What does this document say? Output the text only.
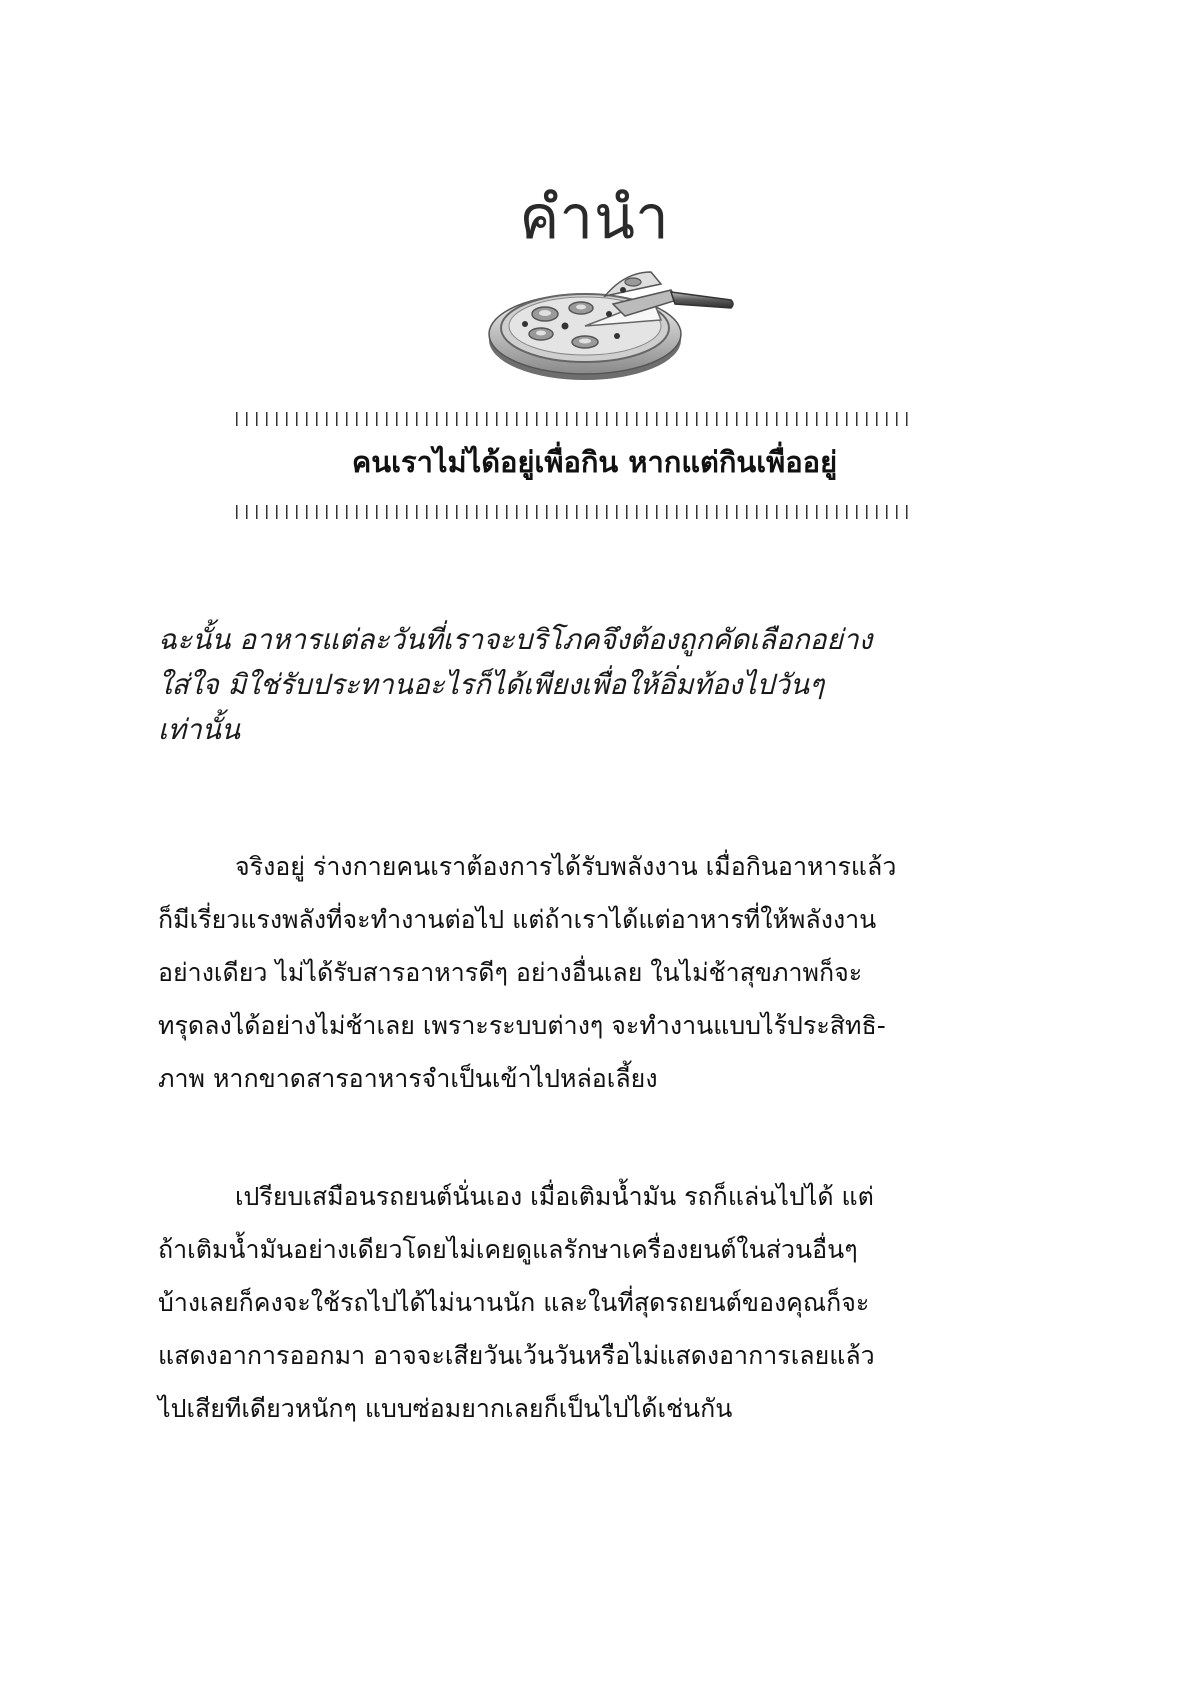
คำนำ
คนเราไม่ได้อยู่เพื่อกิน หากแต่กินเพื่ออยู่

ฉะนั้น อาหารแต่ละวันที่เราจะบริโภคจึงต้องถูกคัดเลือกอย่าง
ใส่ใจ มิใช่รับประทานอะไรก็ได้เพียงเพื่อให้อิ่มท้องไปวันๆ
เท่านั้น

จริงอยู่ ร่างกายคนเราต้องการได้รับพลังงาน เมื่อกินอาหารแล้ว
ก็มีเรี่ยวแรงพลังที่จะทำงานต่อไป แต่ถ้าเราได้แต่อาหารที่ให้พลังงาน
อย่างเดียว ไม่ได้รับสารอาหารดีๆ อย่างอื่นเลย ในไม่ช้าสุขภาพก็จะ
ทรุดลงได้อย่างไม่ช้าเลย เพราะระบบต่างๆ จะทำงานแบบไร้ประสิทธิ-
ภาพ หากขาดสารอาหารจำเป็นเข้าไปหล่อเลี้ยง

เปรียบเสมือนรถยนต์นั่นเอง เมื่อเติมน้ำมัน รถก็แล่นไปได้ แต่
ถ้าเติมน้ำมันอย่างเดียวโดยไม่เคยดูแลรักษาเครื่องยนต์ในส่วนอื่นๆ
บ้างเลยก็คงจะใช้รถไปได้ไม่นานนัก และในที่สุดรถยนต์ของคุณก็จะ
แสดงอาการออกมา อาจจะเสียวันเว้นวันหรือไม่แสดงอาการเลยแล้ว
ไปเสียทีเดียวหนักๆ แบบซ่อมยากเลยก็เป็นไปได้เช่นกัน
